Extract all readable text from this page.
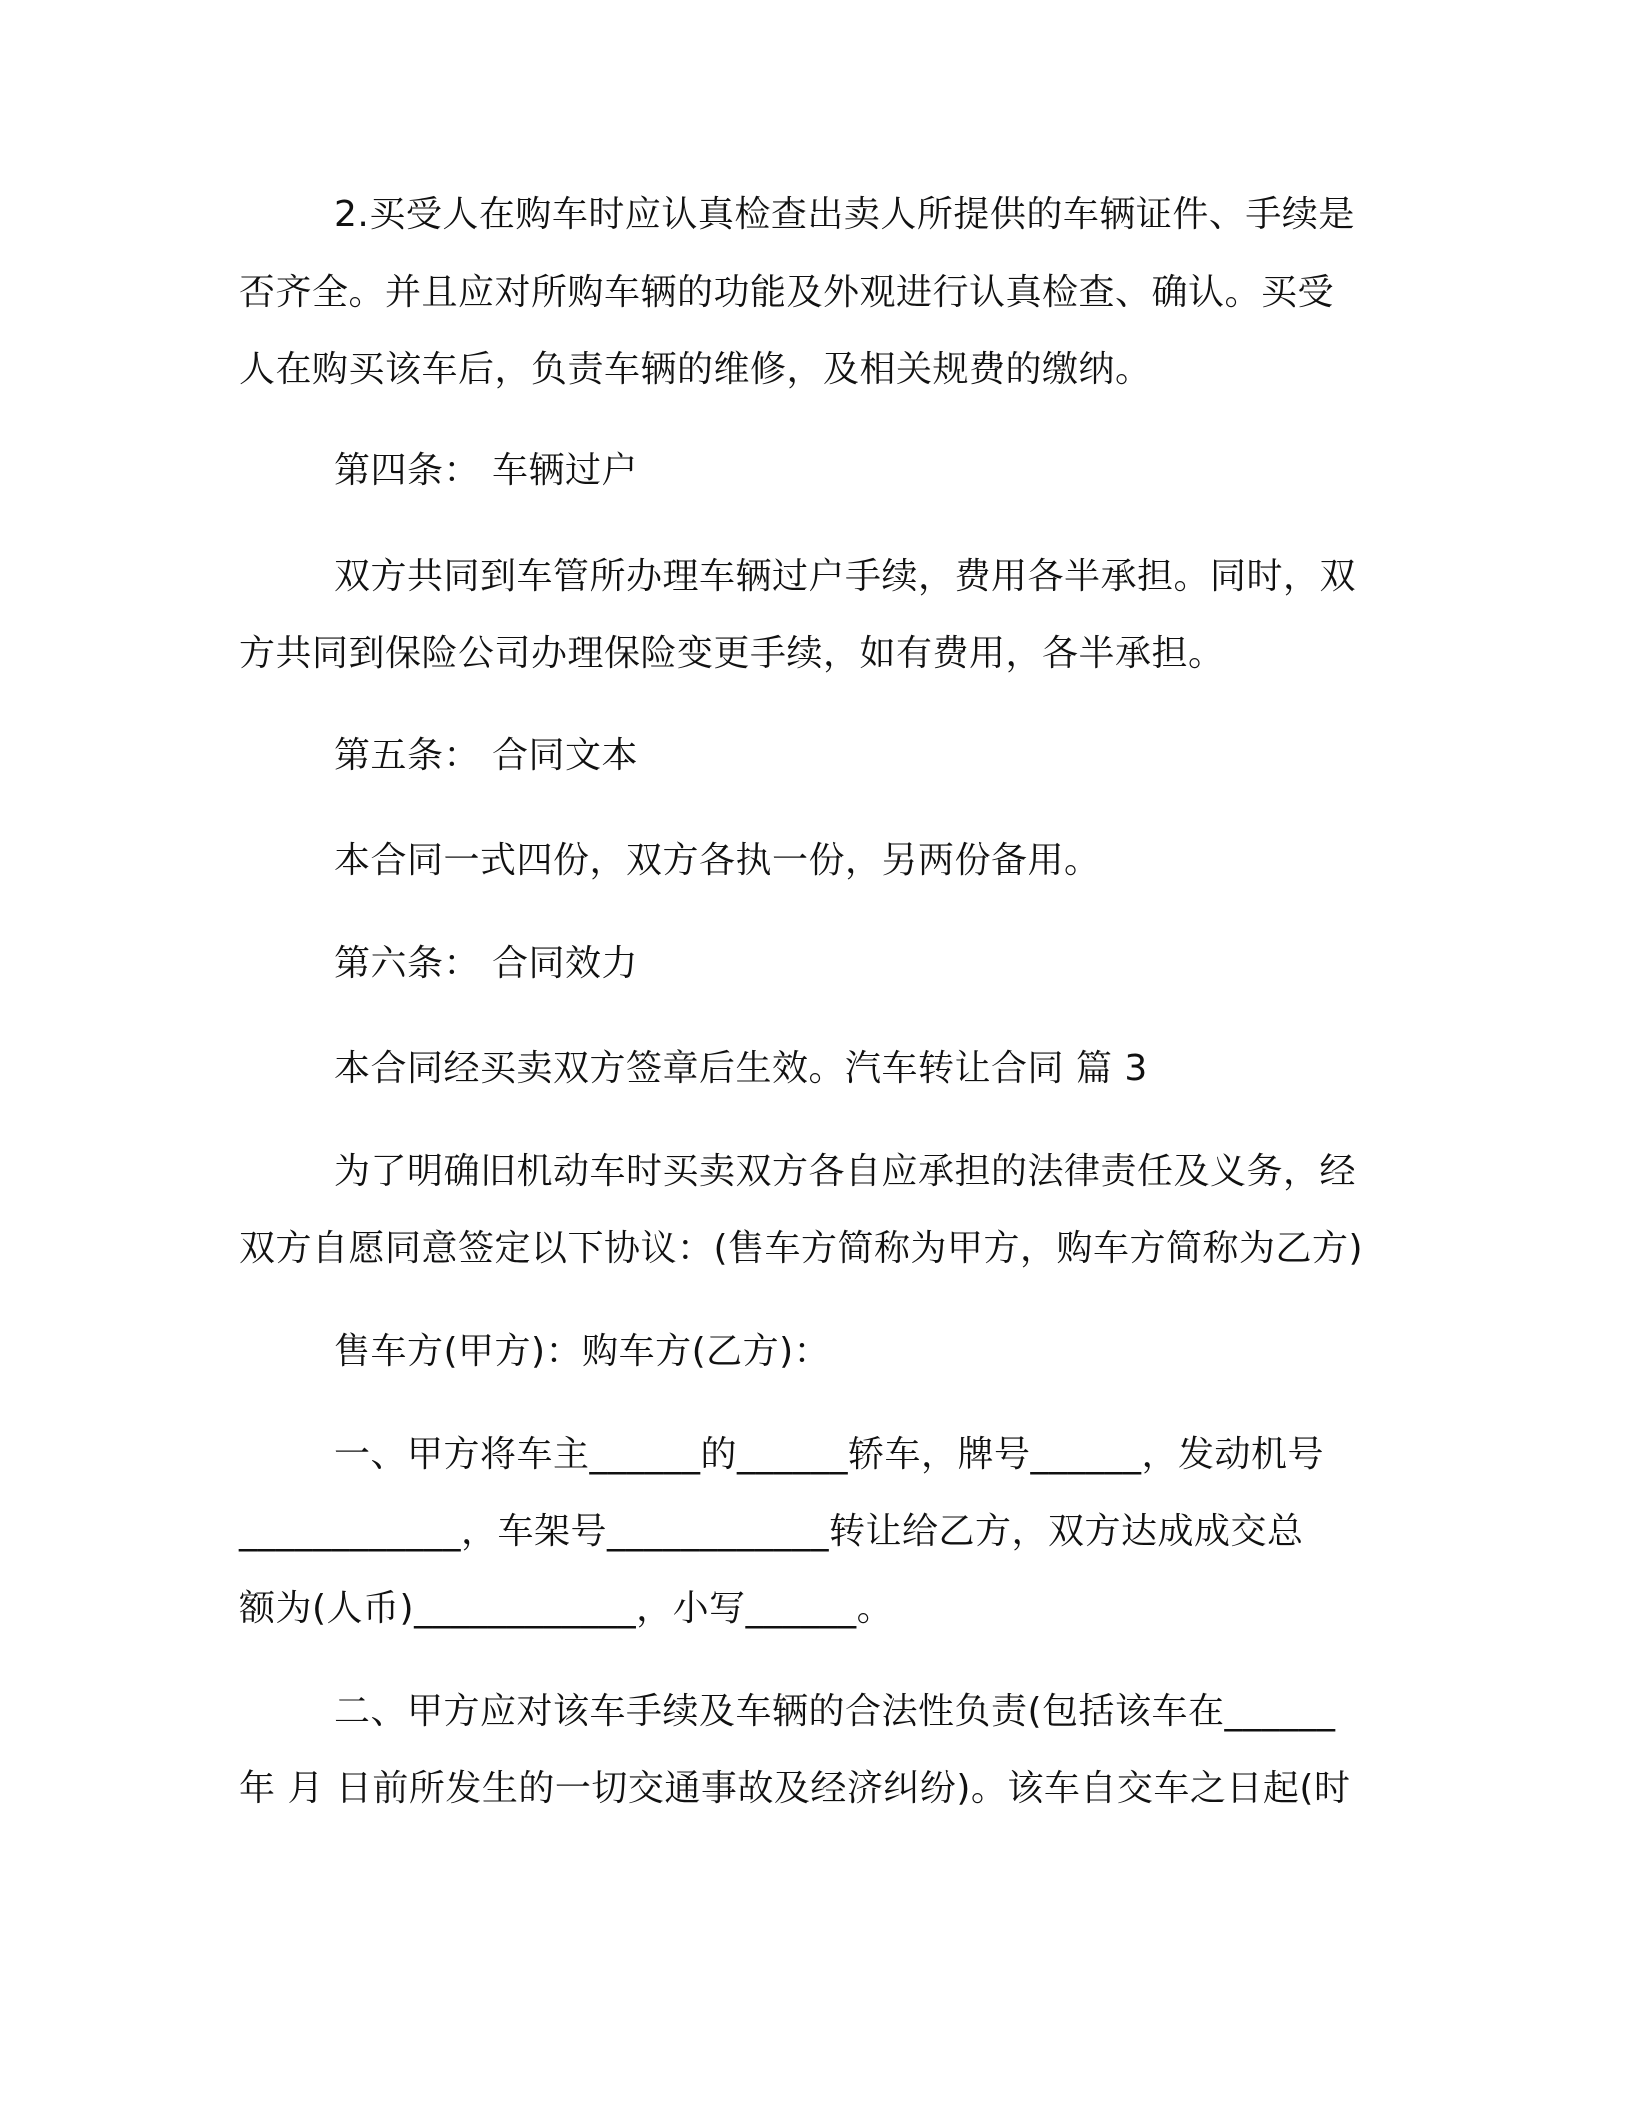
2.买受人在购车时应认真检查出卖人所提供的车辆证件、手续是

否齐全。并且应对所购车辆的功能及外观进行认真检查、确认。买受

人在购买该车后，负责车辆的维修，及相关规费的缴纳。

第四条： 车辆过户

双方共同到车管所办理车辆过户手续，费用各半承担。同时，双

方共同到保险公司办理保险变更手续，如有费用，各半承担。

第五条： 合同文本

本合同一式四份，双方各执一份，另两份备用。

第六条： 合同效力

本合同经买卖双方签章后生效。汽车转让合同 篇 3

为了明确旧机动车时买卖双方各自应承担的法律责任及义务，经

双方自愿同意签定以下协议：(售车方简称为甲方，购车方简称为乙方)

售车方(甲方)：购车方(乙方)：

一、甲方将车主______的______轿车，牌号______，发动机号

____________，车架号____________转让给乙方，双方达成成交总

额为(人币)____________，小写______。

二、甲方应对该车手续及车辆的合法性负责(包括该车在______

年 月 日前所发生的一切交通事故及经济纠纷)。该车自交车之日起(时
